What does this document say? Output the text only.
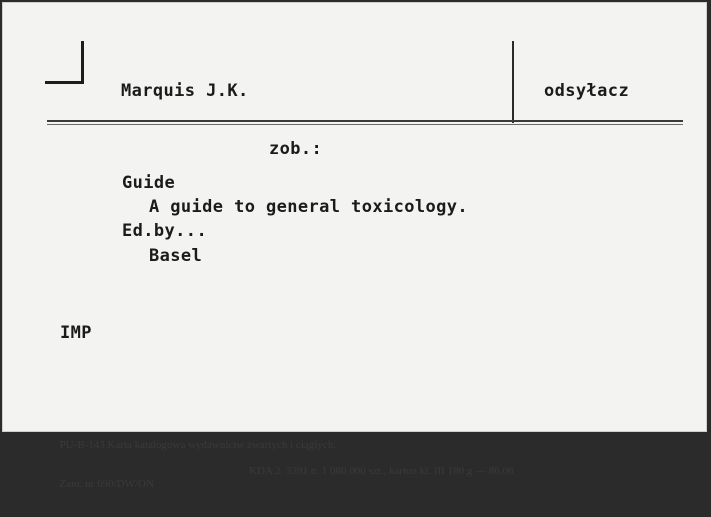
Marquis J.K.	odsyłacz

zob.:

Guide

A guide to general toxicology.

Ed.by...

Basel

IMP

PU-B-143 Karta katalogowa wydawnictw zwartych i ciągłych.

Zam. nr 690/DW/ON

KDA 2. 3391 n. 1 080 000 szt., karton kl. III 180 g — 86.06
